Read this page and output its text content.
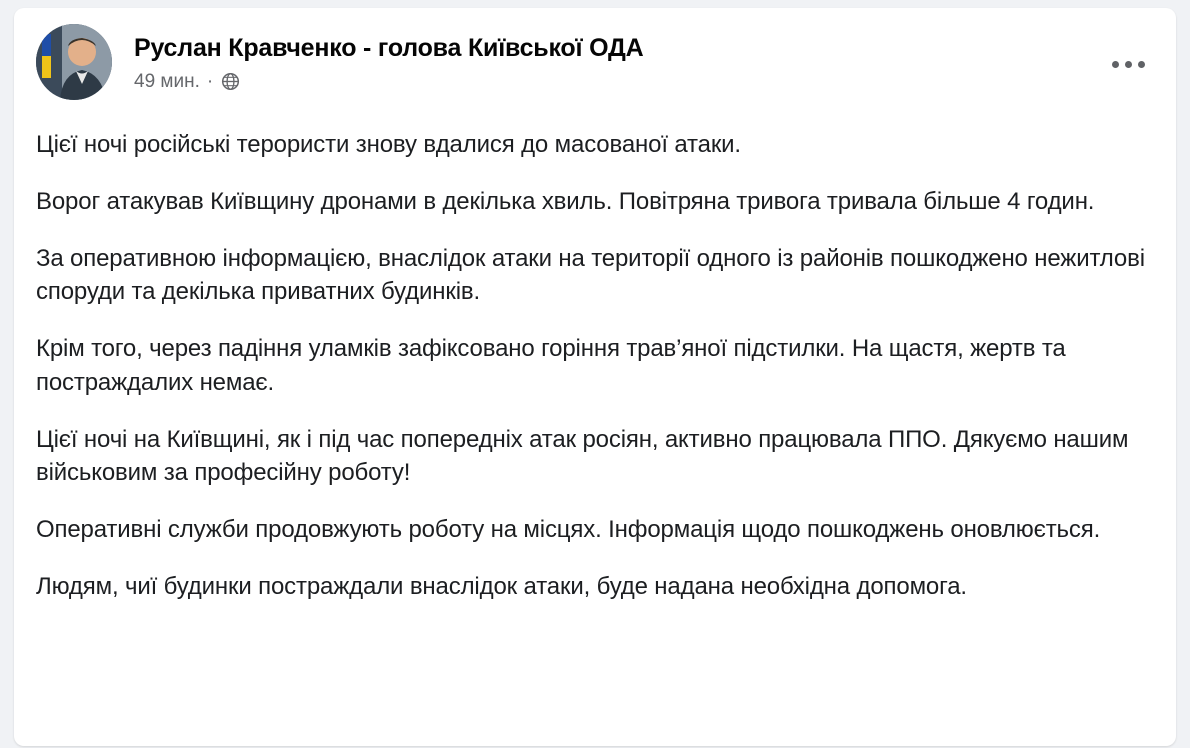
Руслан Кравченко - голова Київської ОДА
49 мин. ·

Цієї ночі російські терористи знову вдалися до масованої атаки.

Ворог атакував Київщину дронами в декілька хвиль. Повітряна тривога тривала більше 4 годин.

За оперативною інформацією, внаслідок атаки на території одного із районів пошкоджено нежитлові споруди та декілька приватних будинків.

Крім того, через падіння уламків зафіксовано горіння трав’яної підстилки. На щастя, жертв та постраждалих немає.

Цієї ночі на Київщині, як і під час попередніх атак росіян, активно працювала ППО. Дякуємо нашим військовим за професійну роботу!

Оперативні служби продовжують роботу на місцях. Інформація щодо пошкоджень оновлюється.

Людям, чиї будинки постраждали внаслідок атаки, буде надана необхідна допомога.
